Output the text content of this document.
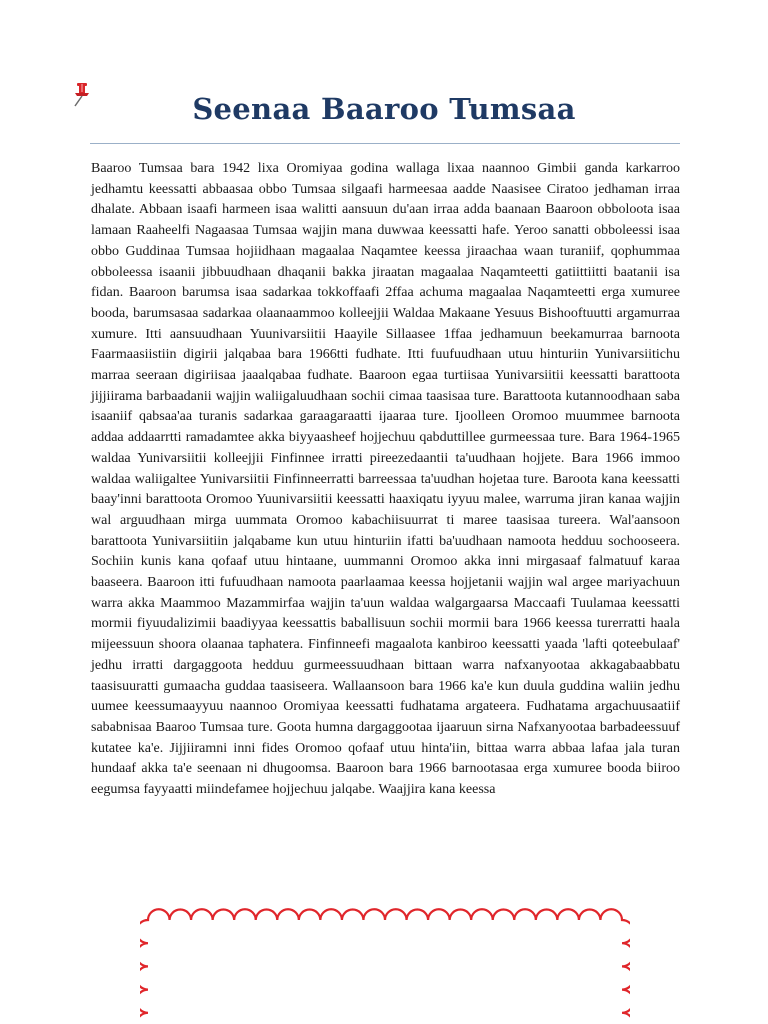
Seenaa Baaroo Tumsaa

Baaroo Tumsaa bara 1942 lixa Oromiyaa godina wallaga lixaa naannoo Gimbii ganda karkarroo jedhamtu keessatti abbaasaa obbo Tumsaa silgaafi harmeesaa aadde Naasisee Ciratoo jedhaman irraa dhalate. Abbaan isaafi harmeen isaa walitti aansuun du'aan irraa adda baanaan Baaroon obboloota isaa lamaan Raaheelfi Nagaasaa Tumsaa wajjin mana duwwaa keessatti hafe. Yeroo sanatti obboleessi isaa obbo Guddinaa Tumsaa hojiidhaan magaalaa Naqamtee keessa jiraachaa waan turaniif, qophummaa obboleessa isaanii jibbuudhaan dhaqanii bakka jiraatan magaalaa Naqamteetti gatiittiitti baatanii isa fidan. Baaroon barumsa isaa sadarkaa tokkoffaafi 2ffaa achuma magaalaa Naqamteetti erga xumuree booda, barumsasaa sadarkaa olaanaammoo kolleejjii Waldaa Makaane Yesuus Bishooftuutti argamurraa xumure. Itti aansuudhaan Yuunivarsiitii Haayile Sillaasee 1ffaa jedhamuun beekamurraa barnoota Faarmaasiistiin digirii jalqabaa bara 1966tti fudhate. Itti fuufuudhaan utuu hinturiin Yunivarsiitichu marraa seeraan digiriisaa jaaalqabaa fudhate. Baaroon egaa turtiisaa Yunivarsiitii keessatti barattoota jijjiirama barbaadanii wajjin waliigaluudhaan sochii cimaa taasisaa ture. Barattoota kutannoodhaan saba isaaniif qabsaa'aa turanis sadarkaa garaagaraatti ijaaraa ture. Ijoolleen Oromoo muummee barnoota addaa addaarrtti ramadamtee akka biyyaasheef hojjechuu qabduttillee gurmeessaa ture. Bara 1964-1965 waldaa Yunivarsiitii kolleejjii Finfinnee irratti pireezedaantii ta'uudhaan hojjete. Bara 1966 immoo waldaa waliigaltee Yunivarsiitii Finfinneerratti barreessaa ta'uudhan hojetaa ture. Baroota kana keessatti baay'inni barattoota Oromoo Yuunivarsiitii keessatti haaxiqatu iyyuu malee, warruma jiran kanaa wajjin wal arguudhaan mirga uummata Oromoo kabachiisuurrat ti maree taasisaa tureera. Wal'aansoon barattoota Yunivarsiitiin jalqabame kun utuu hinturiin ifatti ba'uudhaan namoota hedduu sochooseera. Sochiin kunis kana qofaaf utuu hintaane, uummanni Oromoo akka inni mirgasaaf falmatuuf karaa baaseera. Baaroon itti fufuudhaan namoota paarlaamaa keessa hojjetanii wajjin wal argee mariyachuun warra akka Maammoo Mazammirfaa wajjin ta'uun waldaa walgargaarsa Maccaafi Tuulamaa keessatti mormii fiyuudalizimii baadiyyaa keessattis baballisuun sochii mormii bara 1966 keessa turerratti haala mijeessuun shoora olaanaa taphatera. Finfinneefi magaalota kanbiroo keessatti yaada 'lafti qoteebulaaf' jedhu irratti dargaggoota hedduu gurmeessuudhaan bittaan warra nafxanyootaa akkagabaabbatu taasisuuratti gumaacha guddaa taasiseera. Wallaansoon bara 1966 ka'e kun duula guddina waliin jedhu uumee keessumaayyuu naannoo Oromiyaa keessatti fudhatama argateera. Fudhatama argachuusaatiif sababnisaa Baaroo Tumsaa ture. Goota humna dargaggootaa ijaaruun sirna Nafxanyootaa barbadeessuuf kutatee ka'e. Jijjiiramni inni fides Oromoo qofaaf utuu hinta'iin, bittaa warra abbaa lafaa jala turan hundaaf akka ta'e seenaan ni dhugoomsa. Baaroon bara 1966 barnootasaa erga xumuree booda biiroo eegumsa fayyaatti miindefamee hojjechuu jalqabe. Waajjira kana keessa
